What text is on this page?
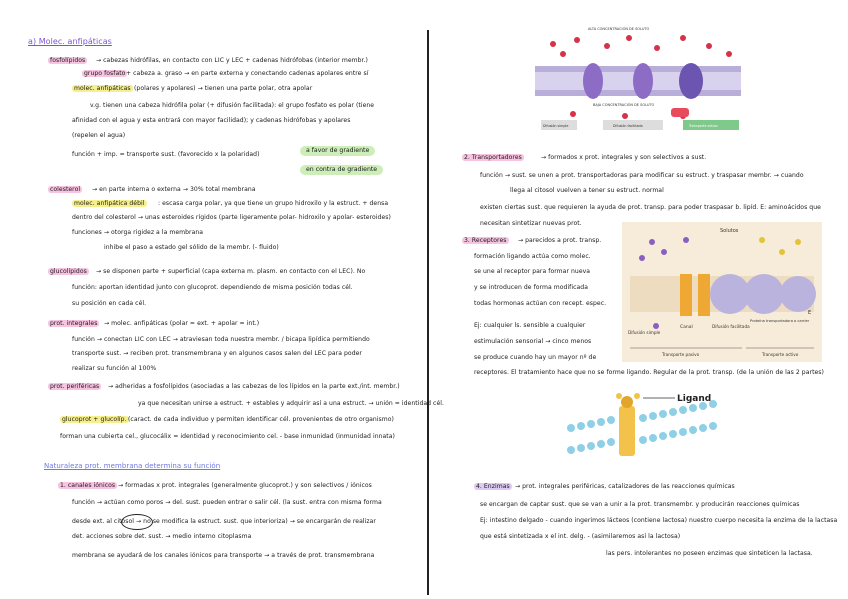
a) Molec. anfipáticas
fosfolípidos	→ cabezas hidrófilas, en contacto con LIC y LEC + cadenas hidrófobas (interior membr.)
grupo fosfato + cabeza a. graso → en parte externa y conectando cadenas apolares entre sí
molec. anfipáticas (polares y apolares) → tienen una parte polar, otra apolar
v.g. tienen una cabeza hidrófila polar (+ difusión facilitada): el grupo fosfato es polar (tiene
afinidad con el agua y esta entrará con mayor facilidad); y cadenas hidrófobas y apolares
(repelen el agua)
función + imp. = transporte sust. (favorecido x la polaridad)
a favor de gradiente
en contra de gradiente
colesterol	→ en parte interna o externa → 30% total membrana
molec. anfipática débil	: escasa carga polar, ya que tiene un grupo hidroxilo y la estruct. + densa
dentro del colesterol → unas esteroides rígidos (parte ligeramente polar- hidroxilo y apolar- esteroides)
funciones → otorga rigidez a la membrana
inhibe el paso a estado gel sólido de la membr. (- fluido)
glucolípidos	→ se disponen parte + superficial (capa externa m. plasm. en contacto con el LEC). No
función: aportan identidad junto con glucoprot. dependiendo de misma posición todas cél.
su posición en cada cél.
prot. integrales	→ molec. anfipáticas (polar = ext. + apolar = int.)
función → conectan LIC con LEC → atraviesan toda nuestra membr. / bicapa lipídica permitiendo
transporte sust. → reciben prot. transmembrana y en algunos casos salen del LEC para poder
realizar su función al 100%
prot. periféricas	→ adheridas a fosfolípidos (asociadas a las cabezas de los lípidos en la parte ext./int. membr.)
ya que necesitan unirse a estruct. + estables y adquirir así a una estruct. → unión = identidad cél.
glucoprot + glucolíp. (caract. de cada individuo y permiten identificar cél. provenientes de otro organismo)
forman una cubierta cel., glucocálix = identidad y reconocimiento cel. - base inmunidad (inmunidad innata)
Naturaleza prot. membrana determina su función
1. canales iónicos → formadas x prot. integrales (generalmente glucoprot.) y son selectivos / iónicos
función → actúan como poros → del. sust. pueden entrar o salir cél. (la sust. entra con misma forma
desde ext. al citosol → no se modifica la estruct. sust. que interioriza) → se encargarán de realizar
det. acciones sobre det. sust. → medio interno citoplasma
membrana se ayudará de los canales iónicos para transporte → a través de prot. transmembrana
ALTA CONCENTRACIÓN DE SOLUTO
BAJA CONCENTRACIÓN DE SOLUTO
Difusión simple	Difusión facilitada	Transporte activo
2. Transportadores	→ formados x prot. integrales y son selectivos a sust.
función → sust. se unen a prot. transportadoras para modificar su estruct. y traspasar membr. → cuando
llega al citosol vuelven a tener su estruct. normal
existen ciertas sust. que requieren la ayuda de prot. transp. para poder traspasar b. lipíd. E: aminoácidos que
necesitan sintetizar nuevas prot.
3. Receptores	→ parecidos a prot. transp.
formación ligando actúa como molec.
se une al receptor para formar nueva
y se introducen de forma modificada
todas hormonas actúan con recept. espec.
Ej: cualquier ls. sensible a cualquier
estimulación sensorial → cinco menos
se produce cuando hay un mayor nº de
receptores. El tratamiento hace que no se forme ligando. Regular de la prot. transp. (de la unión de las 2 partes)
Solutos
Canal
Difusión simple
Difusión facilitada
Proteína transportadora o carrier
Transporte pasivo	Transporte activo
E
Ligand
4. Enzimas → prot. integrales periféricas, catalizadores de las reacciones químicas
se encargan de captar sust. que se van a unir a la prot. transmembr. y producirán reacciones químicas
Ej: intestino delgado - cuando ingerimos lácteos (contiene lactosa) nuestro cuerpo necesita la enzima de la lactasa
que está sintetizada x el int. delg. - (asimilaremos así la lactosa)
las pers. intolerantes no poseen enzimas que sinteticen la lactasa.
